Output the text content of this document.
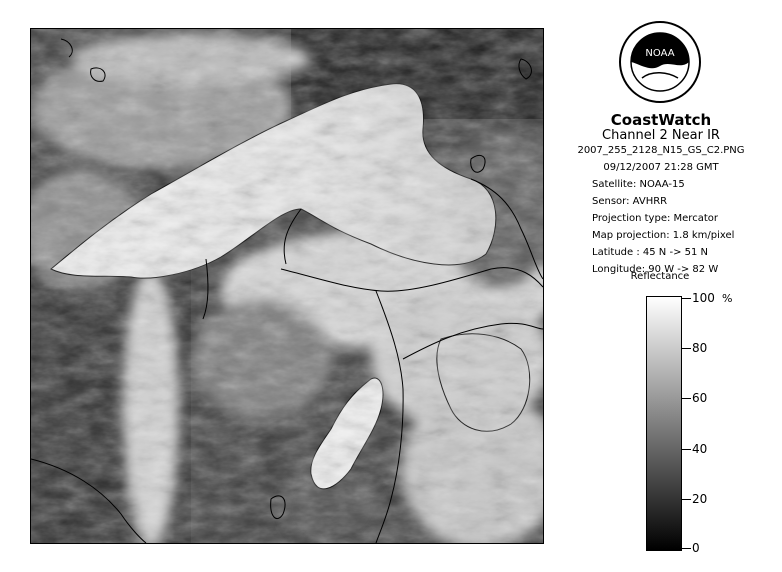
NOAA
CoastWatch
Channel 2 Near IR
2007_255_2128_N15_GS_C2.PNG
09/12/2007 21:28 GMT
Satellite: NOAA-15
Sensor: AVHRR
Projection type: Mercator
Map projection: 1.8 km/pixel
Latitude : 45 N -> 51 N
Longitude: 90 W -> 82 W
Reflectance
%
100
80
60
40
20
0
